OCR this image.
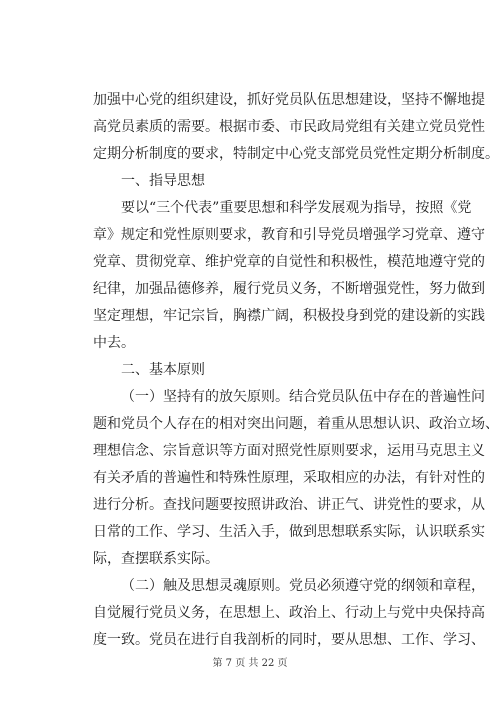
加强中心党的组织建设，抓好党员队伍思想建设，坚持不懈地提
高党员素质的需要。根据市委、市民政局党组有关建立党员党性
定期分析制度的要求，特制定中心党支部党员党性定期分析制度。
一、指导思想
要以“三个代表”重要思想和科学发展观为指导，按照《党
章》规定和党性原则要求，教育和引导党员增强学习党章、遵守
党章、贯彻党章、维护党章的自觉性和积极性，模范地遵守党的
纪律，加强品德修养，履行党员义务，不断增强党性，努力做到
坚定理想，牢记宗旨，胸襟广阔，积极投身到党的建设新的实践
中去。
二、基本原则
（一）坚持有的放矢原则。结合党员队伍中存在的普遍性问
题和党员个人存在的相对突出问题，着重从思想认识、政治立场、
理想信念、宗旨意识等方面对照党性原则要求，运用马克思主义
有关矛盾的普遍性和特殊性原理，采取相应的办法，有针对性的
进行分析。查找问题要按照讲政治、讲正气、讲党性的要求，从
日常的工作、学习、生活入手，做到思想联系实际，认识联系实
际，查摆联系实际。
（二）触及思想灵魂原则。党员必须遵守党的纲领和章程，
自觉履行党员义务，在思想上、政治上、行动上与党中央保持高
度一致。党员在进行自我剖析的同时，要从思想、工作、学习、
第 7 页 共 22 页
